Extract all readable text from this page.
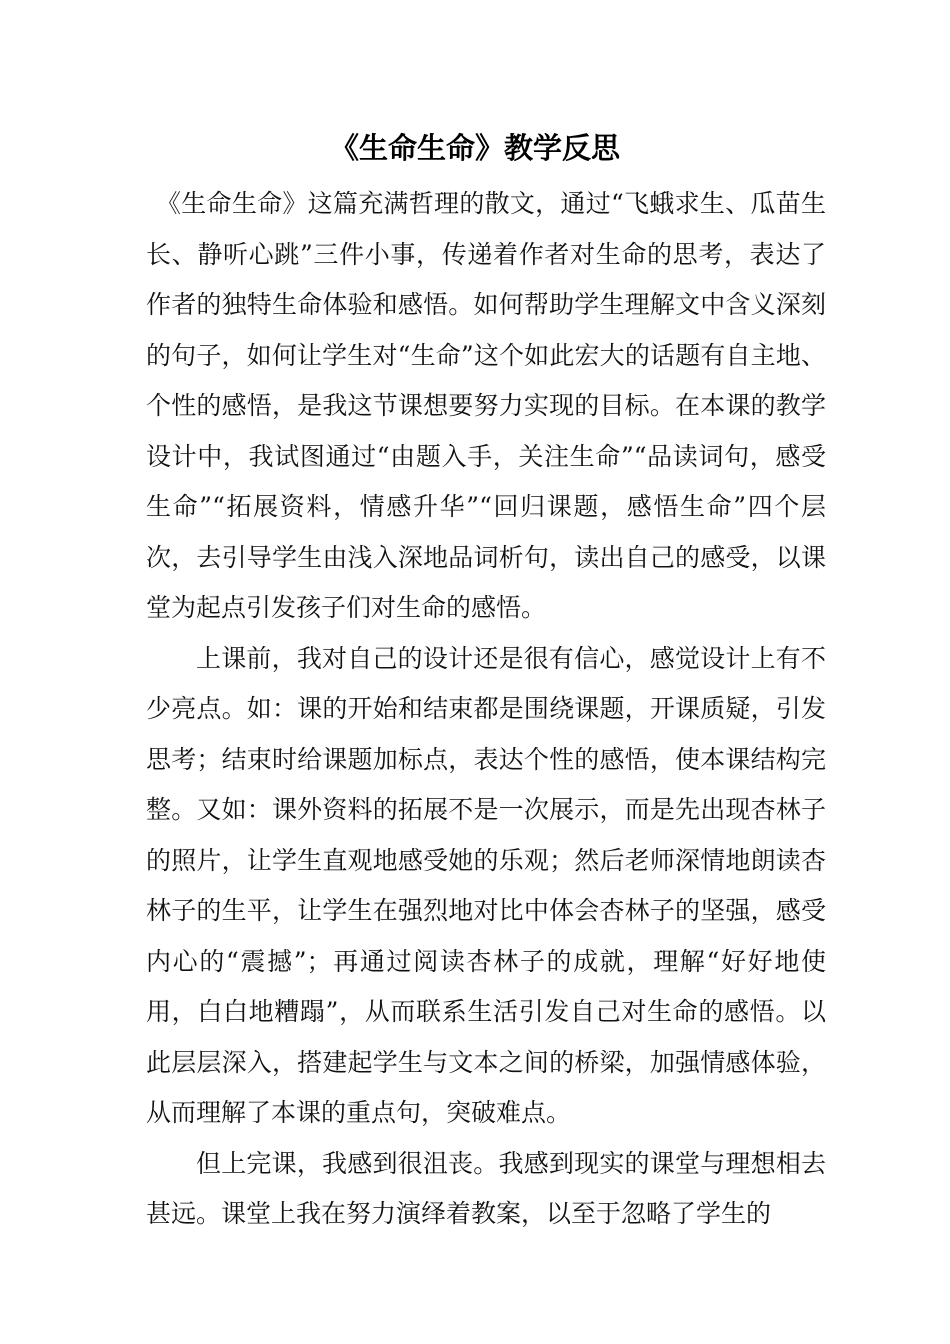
《生命生命》教学反思

《生命生命》这篇充满哲理的散文，通过“飞蛾求生、瓜苗生长、静听心跳”三件小事，传递着作者对生命的思考，表达了作者的独特生命体验和感悟。如何帮助学生理解文中含义深刻的句子，如何让学生对“生命”这个如此宏大的话题有自主地、个性的感悟，是我这节课想要努力实现的目标。在本课的教学设计中，我试图通过“由题入手，关注生命”“品读词句，感受生命”“拓展资料，情感升华”“回归课题，感悟生命”四个层次，去引导学生由浅入深地品词析句，读出自己的感受，以课堂为起点引发孩子们对生命的感悟。

上课前，我对自己的设计还是很有信心，感觉设计上有不少亮点。如：课的开始和结束都是围绕课题，开课质疑，引发思考；结束时给课题加标点，表达个性的感悟，使本课结构完整。又如：课外资料的拓展不是一次展示，而是先出现杏林子的照片，让学生直观地感受她的乐观；然后老师深情地朗读杏林子的生平，让学生在强烈地对比中体会杏林子的坚强，感受内心的“震撼”；再通过阅读杏林子的成就，理解“好好地使用，白白地糟蹋”，从而联系生活引发自己对生命的感悟。以此层层深入，搭建起学生与文本之间的桥梁，加强情感体验，从而理解了本课的重点句，突破难点。

但上完课，我感到很沮丧。我感到现实的课堂与理想相去甚远。课堂上我在努力演绎着教案，以至于忽略了学生的
